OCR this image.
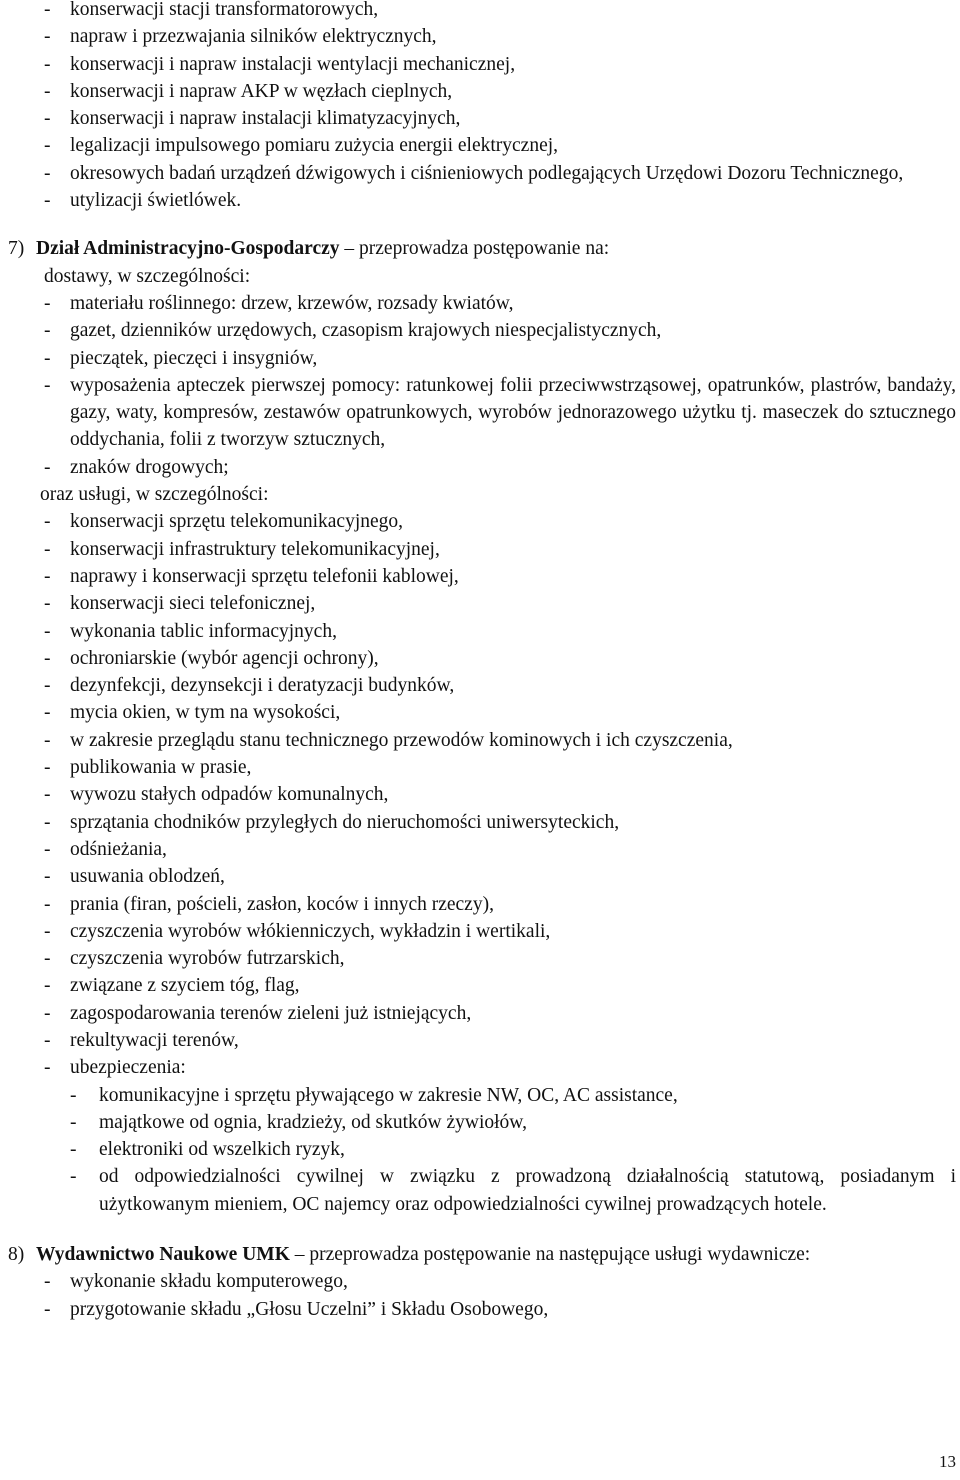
- konserwacji stacji transformatorowych,
- napraw i przezwajania silników elektrycznych,
- konserwacji i napraw instalacji wentylacji mechanicznej,
- konserwacji i napraw AKP w węzłach cieplnych,
- konserwacji i napraw instalacji klimatyzacyjnych,
- legalizacji impulsowego pomiaru zużycia energii elektrycznej,
- okresowych badań urządzeń dźwigowych i ciśnieniowych podlegających Urzędowi Dozoru Technicznego,
- utylizacji świetlówek.
7) Dział Administracyjno-Gospodarczy – przeprowadza postępowanie na:
dostawy, w szczególności:
- materiału roślinnego: drzew, krzewów, rozsady kwiatów,
- gazet, dzienników urzędowych, czasopism krajowych niespecjalistycznych,
- pieczątek, pieczęci i insygniów,
- wyposażenia apteczek pierwszej pomocy: ratunkowej folii przeciwwstrząsowej, opatrunków, plastrów, bandaży, gazy, waty, kompresów, zestawów opatrunkowych, wyrobów jednorazowego użytku tj. maseczek do sztucznego oddychania, folii z tworzyw sztucznych,
- znaków drogowych;
oraz usługi, w szczególności:
- konserwacji sprzętu telekomunikacyjnego,
- konserwacji infrastruktury telekomunikacyjnej,
- naprawy i konserwacji sprzętu telefonii kablowej,
- konserwacji sieci telefonicznej,
- wykonania tablic informacyjnych,
- ochroniarskie (wybór agencji ochrony),
- dezynfekcji, dezynsekcji i deratyzacji budynków,
- mycia okien, w tym na wysokości,
- w zakresie przeglądu stanu technicznego przewodów kominowych i ich czyszczenia,
- publikowania w prasie,
- wywozu stałych odpadów komunalnych,
- sprzątania chodników przyległych do nieruchomości uniwersyteckich,
- odśnieżania,
- usuwania oblodzeń,
- prania (firan, pościeli, zasłon, koców i innych rzeczy),
- czyszczenia wyrobów włókienniczych, wykładzin i wertikali,
- czyszczenia wyrobów futrzarskich,
- związane z szyciem tóg, flag,
- zagospodarowania terenów zieleni już istniejących,
- rekultywacji terenów,
- ubezpieczenia:
- komunikacyjne i sprzętu pływającego w zakresie NW, OC, AC assistance,
- majątkowe od ognia, kradzieży, od skutków żywiołów,
- elektroniki od wszelkich ryzyk,
- od odpowiedzialności cywilnej w związku z prowadzoną działalnością statutową, posiadanym i użytkowanym mieniem, OC najemcy oraz odpowiedzialności cywilnej prowadzących hotele.
8) Wydawnictwo Naukowe UMK – przeprowadza postępowanie na następujące usługi wydawnicze:
- wykonanie składu komputerowego,
- przygotowanie składu „Głosu Uczelni” i Składu Osobowego,
13
